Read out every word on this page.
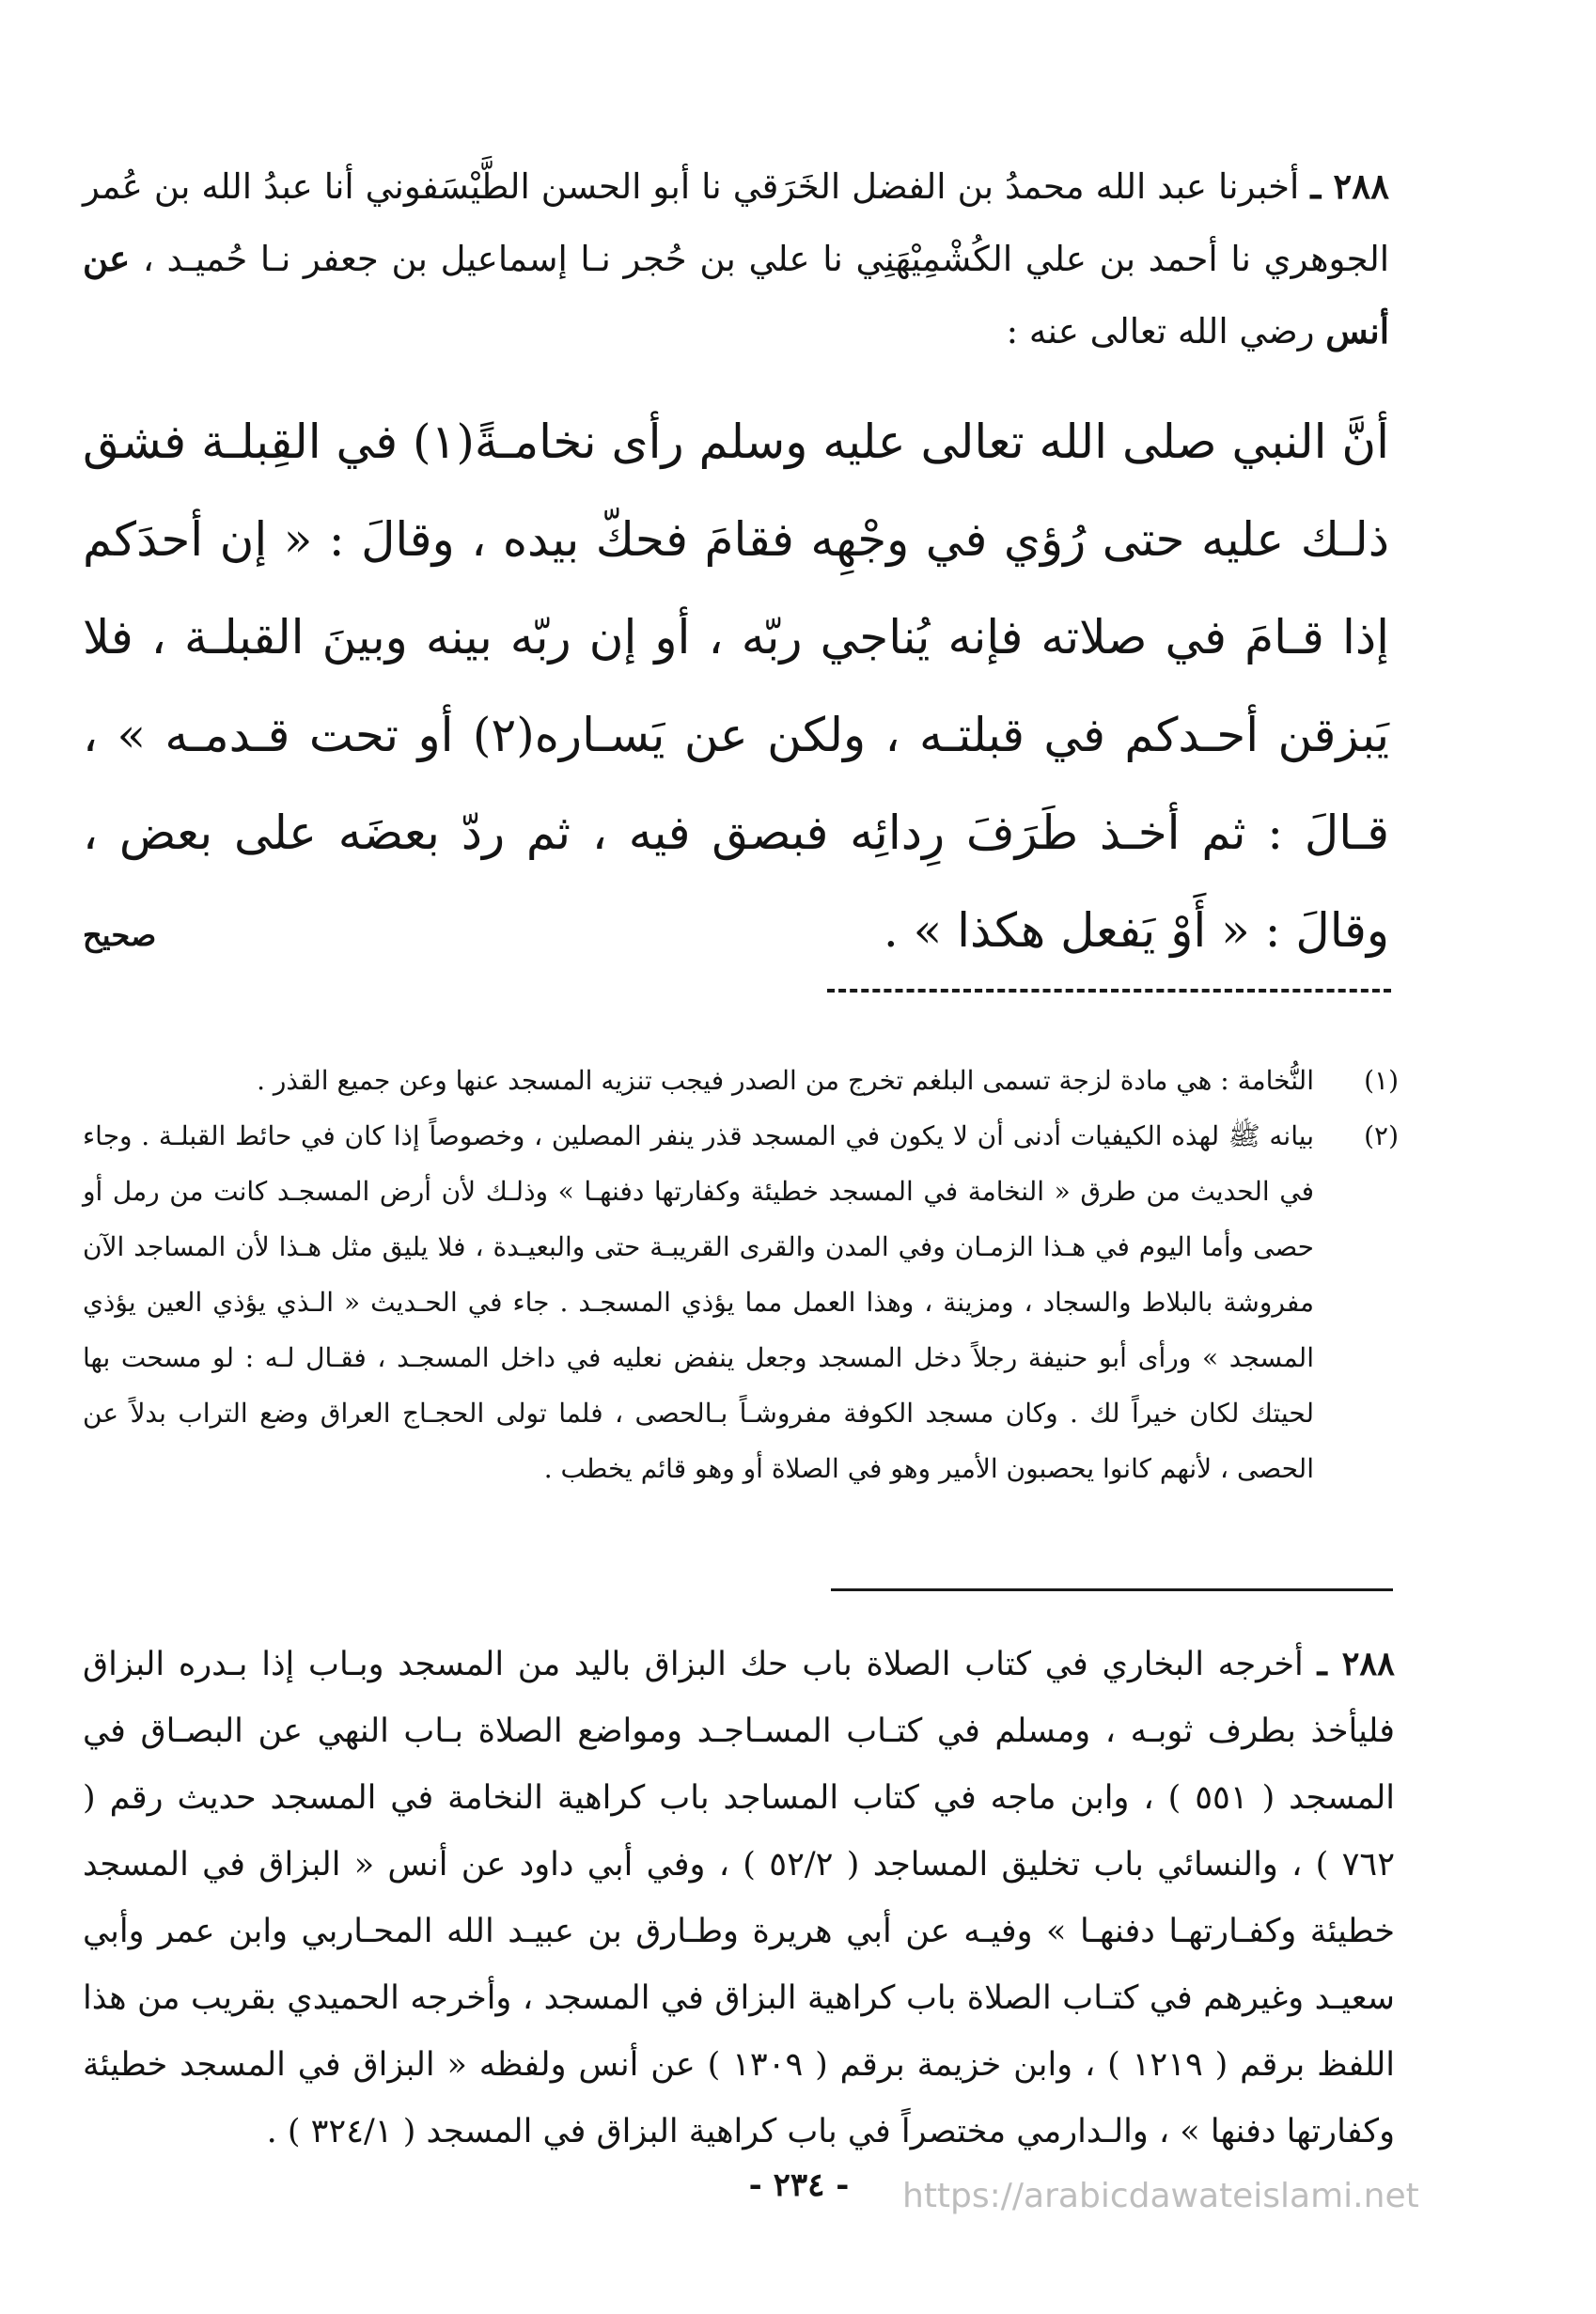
٢٨٨ ـ أخبرنا عبد الله محمدُ بن الفضل الخَرَقي نا أبو الحسن الطَّيْسَفوني أنا عبدُ الله بن عُمر الجوهري نا أحمد بن علي الكُشْمِيْهَنِي نا علي بن حُجر نـا إسماعيل بن جعفر نـا حُميـد ، عن أنس رضي الله تعالى عنه :

أنَّ النبي صلى الله تعالى عليه وسلم رأى نخامـةً(١) في القِبلـة فشق ذلـك عليه حتى رُؤي في وجْهِه فقامَ فحكّ بيده ، وقالَ : « إن أحدَكم إذا قـامَ في صلاته فإنه يُناجي ربّه ، أو إن ربّه بينه وبينَ القبلـة ، فلا يَبزقن أحـدكم في قبلتـه ، ولكن عن يَسـاره(٢) أو تحت قـدمـه » ، قـالَ : ثم أخـذ طَرَفَ رِدائِه فبصق فيه ، ثم ردّ بعضَه على بعض ، وقالَ : « أَوْ يَفعل هكذا » .

صحيح
(١)

النُّخامة : هي مادة لزجة تسمى البلغم تخرج من الصدر فيجب تنزيه المسجد عنها وعن جميع القذر .

(٢)

بيانه ﷺ لهذه الكيفيات أدنى أن لا يكون في المسجد قذر ينفر المصلين ، وخصوصاً إذا كان في حائط القبلـة . وجاء في الحديث من طرق « النخامة في المسجد خطيئة وكفارتها دفنهـا » وذلـك لأن أرض المسجـد كانت من رمل أو حصى وأما اليوم في هـذا الزمـان وفي المدن والقرى القريبـة حتى والبعيـدة ، فلا يليق مثل هـذا لأن المساجد الآن مفروشة بالبلاط والسجاد ، ومزينة ، وهذا العمل مما يؤذي المسجـد . جاء في الحـديث « الـذي يؤذي العين يؤذي المسجد » ورأى أبو حنيفة رجلاً دخل المسجد وجعل ينفض نعليه في داخل المسجـد ، فقـال لـه : لو مسحت بها لحيتك لكان خيراً لك . وكان مسجد الكوفة مفروشـاً بـالحصى ، فلما تولى الحجـاج العراق وضع التراب بدلاً عن الحصى ، لأنهم كانوا يحصبون الأمير وهو في الصلاة أو وهو قائم يخطب .

٢٨٨ ـ أخرجه البخاري في كتاب الصلاة باب حك البزاق باليد من المسجد وبـاب إذا بـدره البزاق فليأخذ بطرف ثوبـه ، ومسلم في كتـاب المسـاجـد ومواضع الصلاة بـاب النهي عن البصـاق في المسجد ( ٥٥١ ) ، وابن ماجه في كتاب المساجد باب كراهية النخامة في المسجد حديث رقم ( ٧٦٢ ) ، والنسائي باب تخليق المساجد ( ٥٢/٢ ) ، وفي أبي داود عن أنس « البزاق في المسجد خطيئة وكفـارتهـا دفنهـا » وفيـه عن أبي هريرة وطـارق بن عبيـد الله المحـاربي وابن عمر وأبي سعيـد وغيرهم في كتـاب الصلاة باب كراهية البزاق في المسجد ، وأخرجه الحميدي بقريب من هذا اللفظ برقم ( ١٢١٩ ) ، وابن خزيمة برقم ( ١٣٠٩ ) عن أنس ولفظه « البزاق في المسجد خطيئة وكفارتها دفنها » ، والـدارمي مختصراً في باب كراهية البزاق في المسجد ( ٣٢٤/١ ) .

- ٢٣٤ -	https://arabicdawateislami.net
